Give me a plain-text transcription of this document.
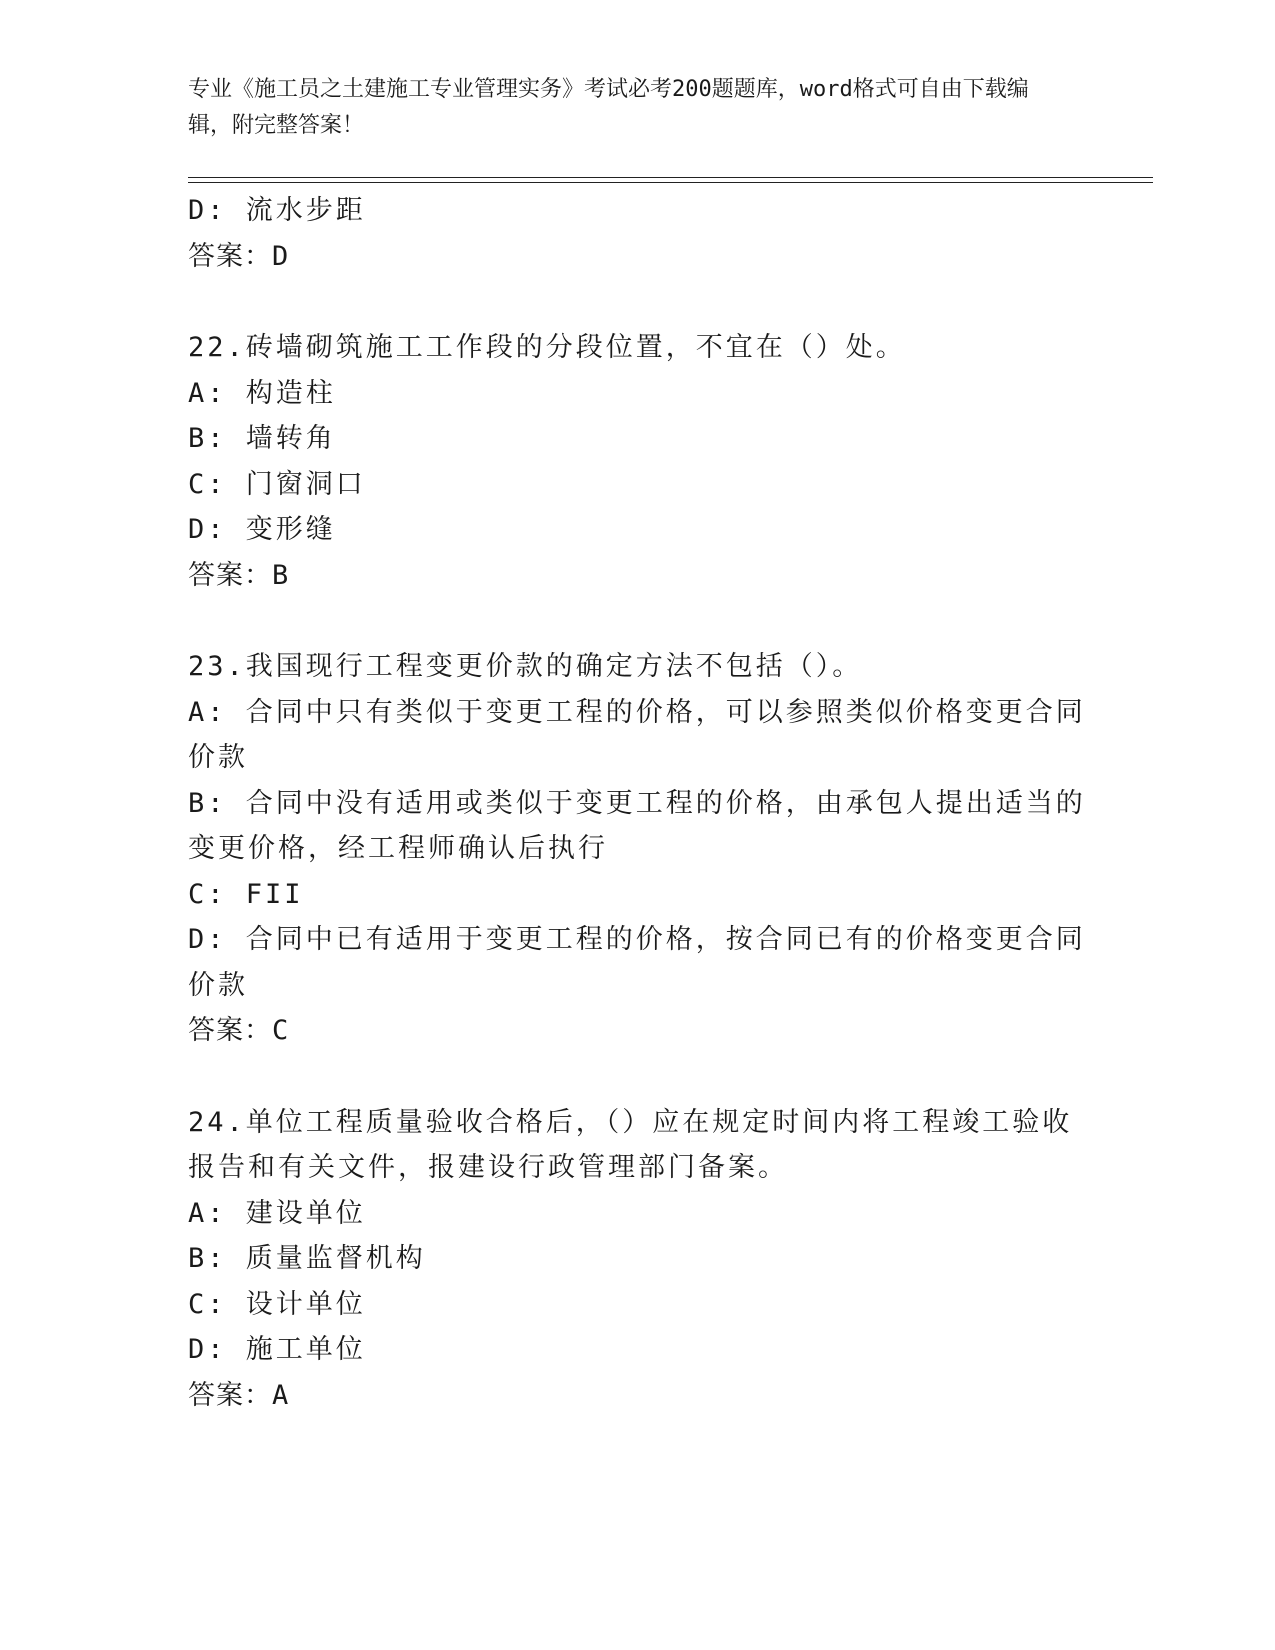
专业《施工员之土建施工专业管理实务》考试必考200题题库，word格式可自由下载编辑，附完整答案！
D: 流水步距
答案：D
22.砖墙砌筑施工工作段的分段位置，不宜在（）处。
A: 构造柱
B: 墙转角
C: 门窗洞口
D: 变形缝
答案：B
23.我国现行工程变更价款的确定方法不包括（）。
A: 合同中只有类似于变更工程的价格，可以参照类似价格变更合同价款
B: 合同中没有适用或类似于变更工程的价格，由承包人提出适当的变更价格，经工程师确认后执行
C: FII
D: 合同中已有适用于变更工程的价格，按合同已有的价格变更合同价款
答案：C
24.单位工程质量验收合格后，（）应在规定时间内将工程竣工验收报告和有关文件，报建设行政管理部门备案。
A: 建设单位
B: 质量监督机构
C: 设计单位
D: 施工单位
答案：A
